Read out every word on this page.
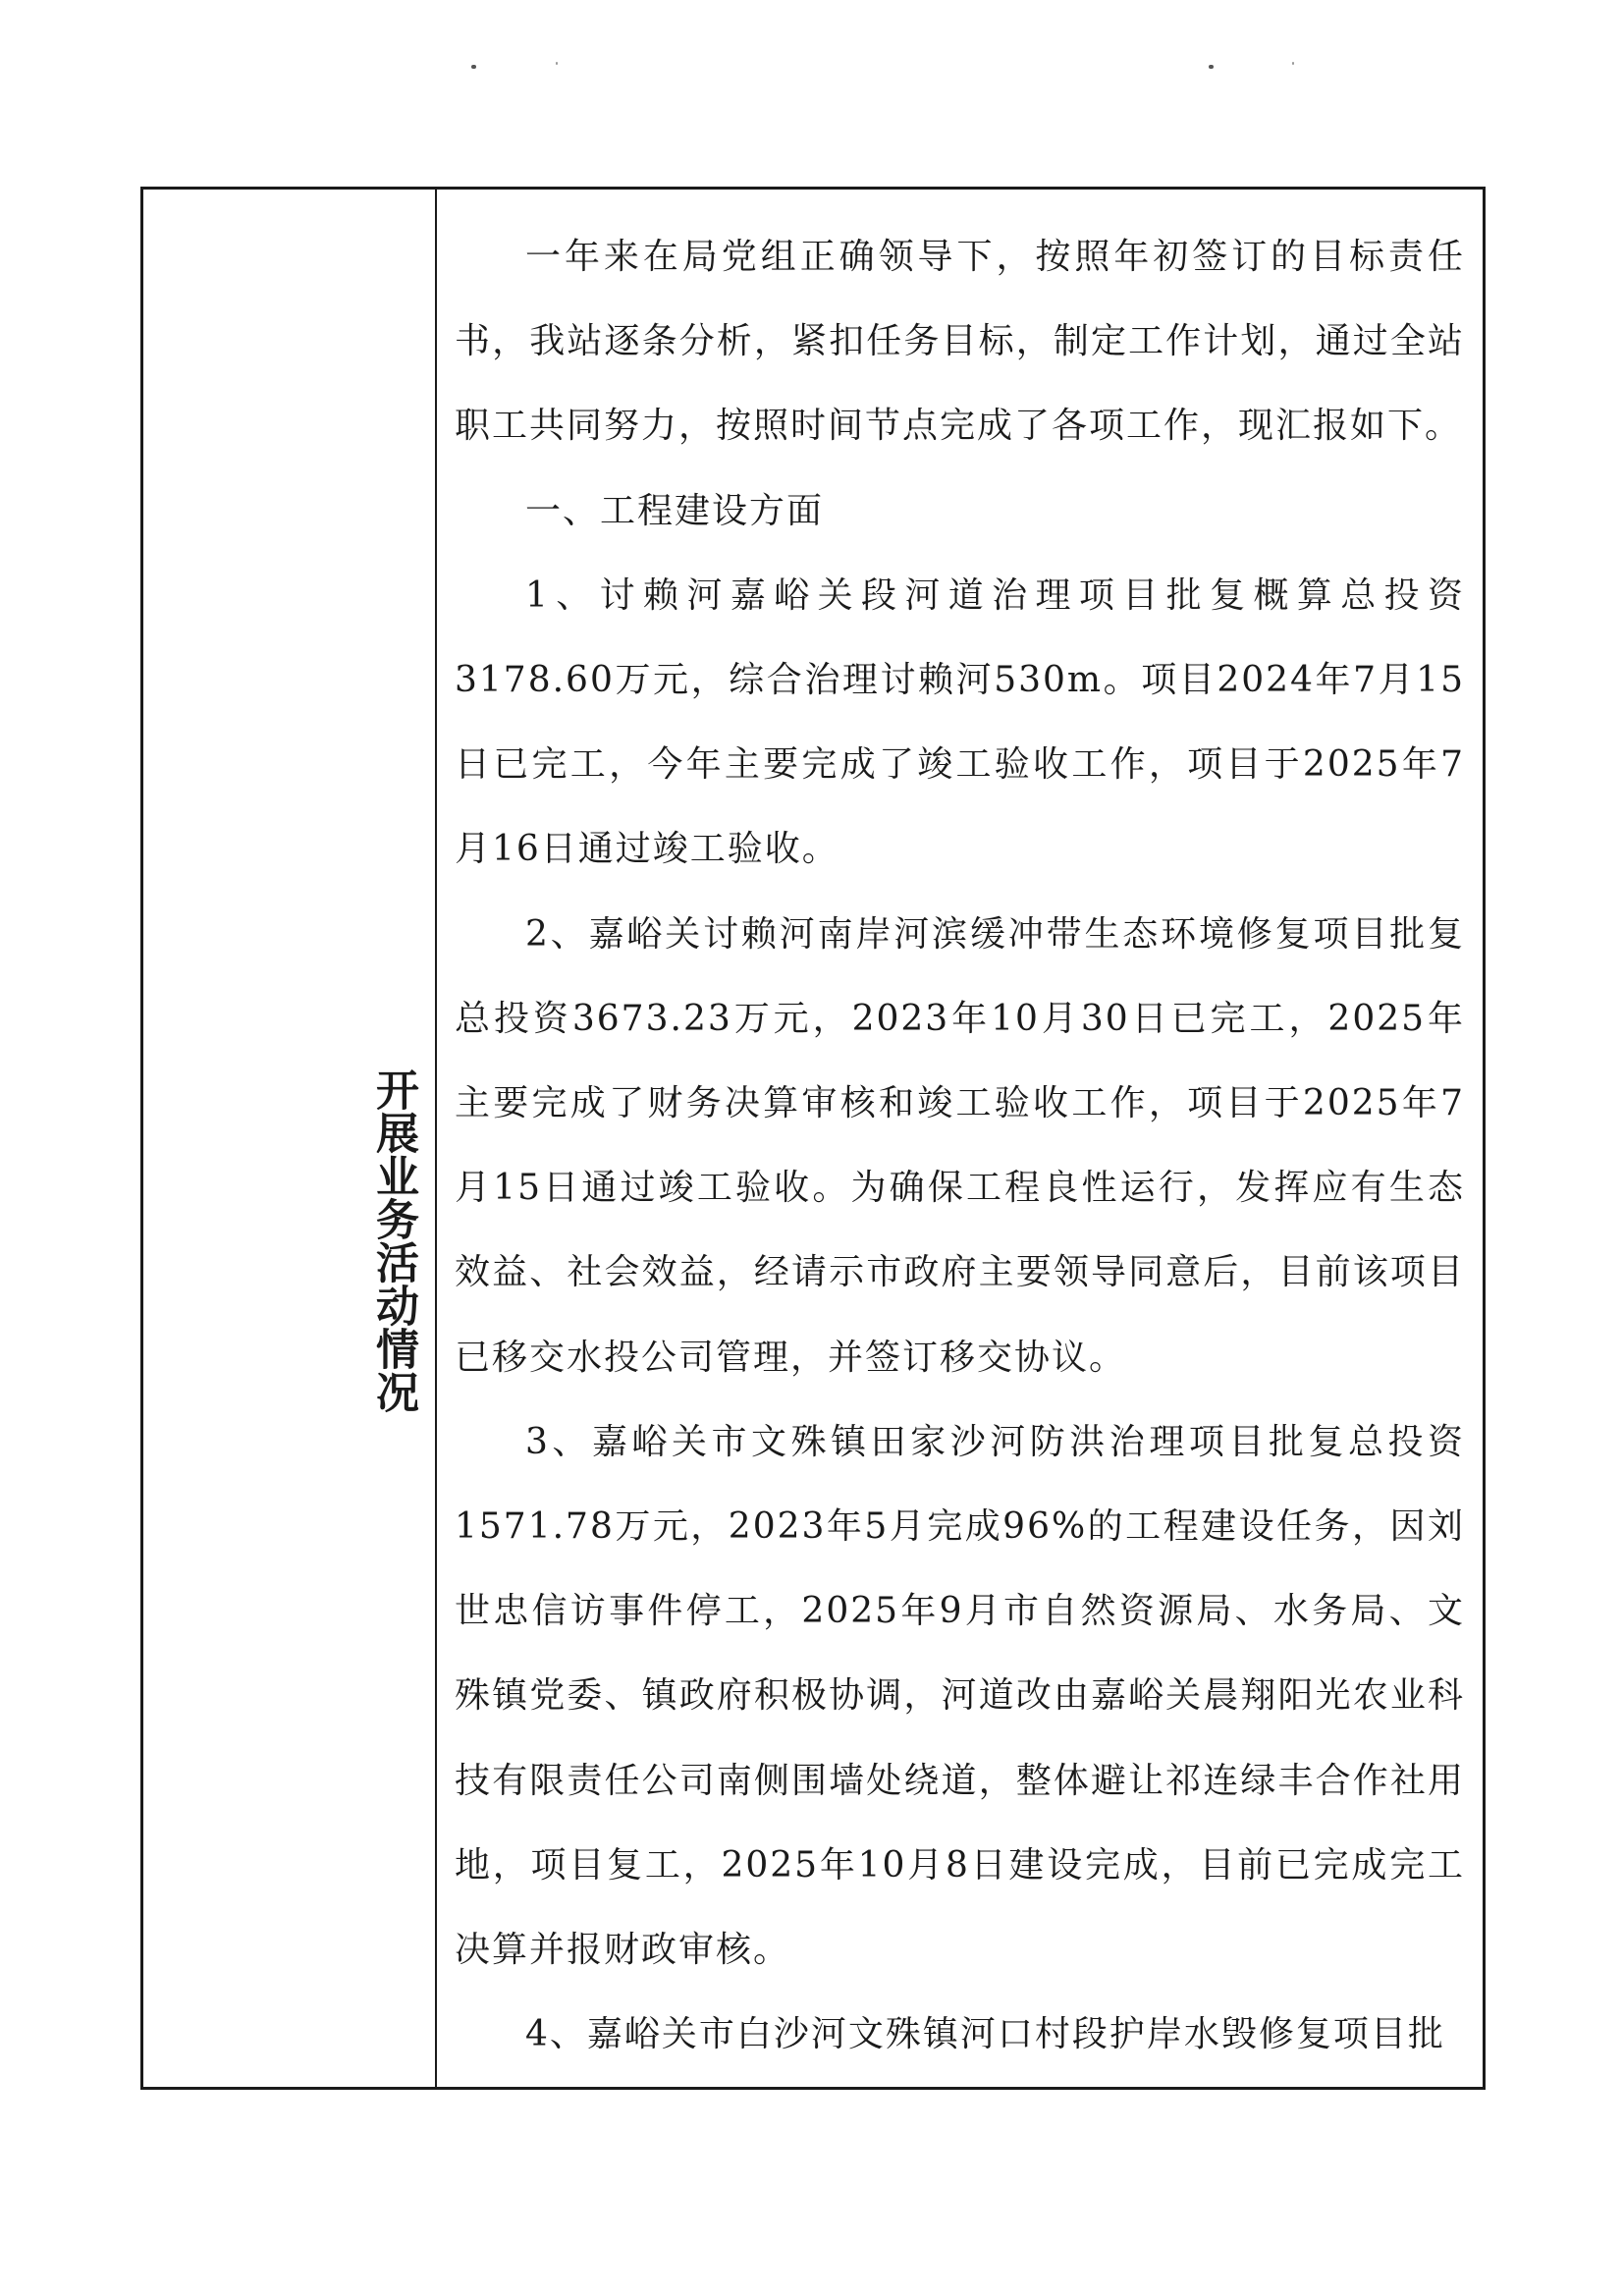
开展业务活动情况

一年来在局党组正确领导下，按照年初签订的目标责任书，我站逐条分析，紧扣任务目标，制定工作计划，通过全站职工共同努力，按照时间节点完成了各项工作，现汇报如下。

一、工程建设方面

1、讨赖河嘉峪关段河道治理项目批复概算总投资3178.60万元，综合治理讨赖河530m。项目2024年7月15日已完工，今年主要完成了竣工验收工作，项目于2025年7月16日通过竣工验收。

2、嘉峪关讨赖河南岸河滨缓冲带生态环境修复项目批复总投资3673.23万元，2023年10月30日已完工，2025年主要完成了财务决算审核和竣工验收工作，项目于2025年7月15日通过竣工验收。为确保工程良性运行，发挥应有生态效益、社会效益，经请示市政府主要领导同意后，目前该项目已移交水投公司管理，并签订移交协议。

3、嘉峪关市文殊镇田家沙河防洪治理项目批复总投资1571.78万元，2023年5月完成96%的工程建设任务，因刘世忠信访事件停工，2025年9月市自然资源局、水务局、文殊镇党委、镇政府积极协调，河道改由嘉峪关晨翔阳光农业科技有限责任公司南侧围墙处绕道，整体避让祁连绿丰合作社用地，项目复工，2025年10月8日建设完成，目前已完成完工决算并报财政审核。

4、嘉峪关市白沙河文殊镇河口村段护岸水毁修复项目批
